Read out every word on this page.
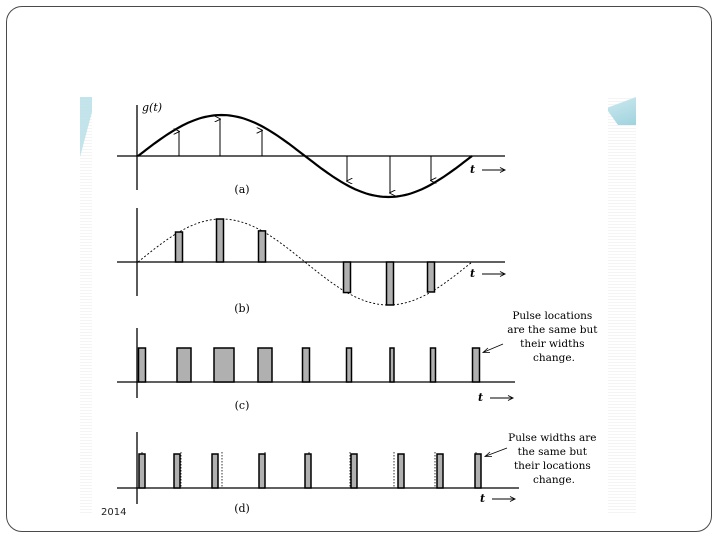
g(t)
t
(a)
t
(b)
(c)
t
Pulse locations are the same but their widths change.
(d)
t
Pulse widths are the same but their locations change.
2014
